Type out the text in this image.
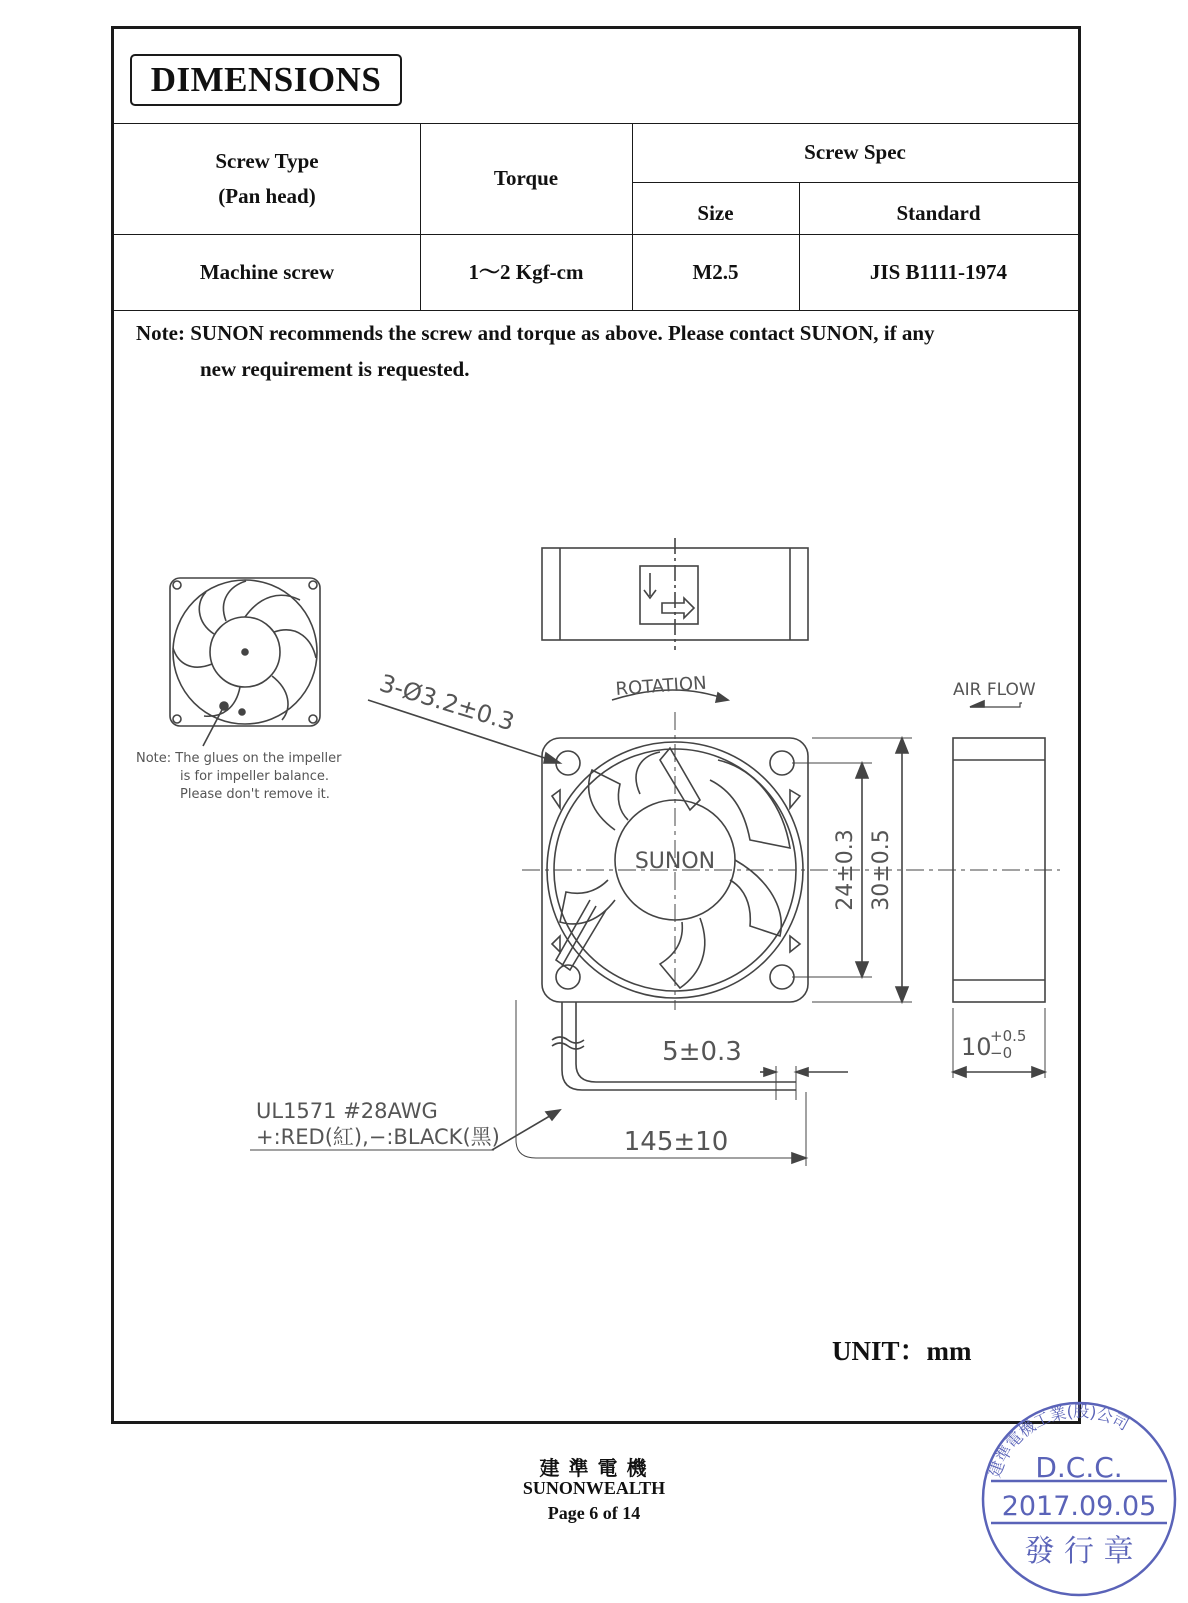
DIMENSIONS
Screw Type
(Pan head)
Torque
Screw Spec
Size	Standard
Machine screw	1～2 Kgf-cm	M2.5	JIS B1111-1974
Note: SUNON recommends the screw and torque as above. Please contact SUNON, if any
new requirement is requested.
UNIT：mm
Note: The glues on the impeller
is for impeller balance.
Please don't remove it.
3-Ø3.2±0.3	ROTATION	AIR FLOW
SUNON	24±0.3 30±0.5
10
+0.5
−0
5±0.3
145±10
UL1571 #28AWG
+:RED(紅),−:BLACK(黑)
建 準 電 機
SUNONWEALTH
Page 6 of 14
建準電機工業(股)公司
D.C.C.
2017.09.05
發 行 章
